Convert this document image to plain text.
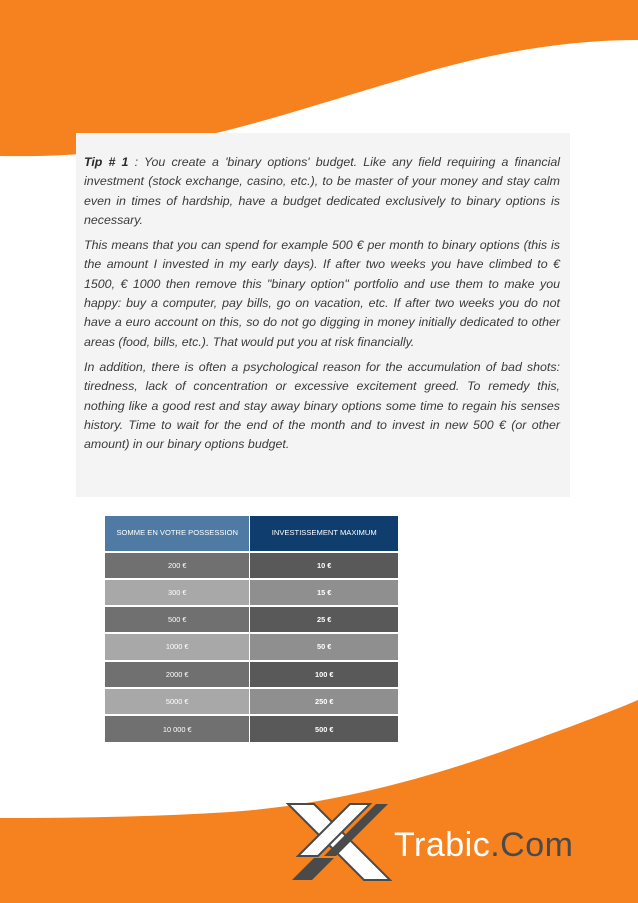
Tip # 1 : You create a 'binary options' budget. Like any field requiring a financial investment (stock exchange, casino, etc.), to be master of your money and stay calm even in times of hardship, have a budget dedicated exclusively to binary options is necessary.

This means that you can spend for example 500 € per month to binary options (this is the amount I invested in my early days). If after two weeks you have climbed to € 1500, € 1000 then remove this "binary option" portfolio and use them to make you happy: buy a computer, pay bills, go on vacation, etc. If after two weeks you do not have a euro account on this, so do not go digging in money initially dedicated to other areas (food, bills, etc.). That would put you at risk financially.

In addition, there is often a psychological reason for the accumulation of bad shots: tiredness, lack of concentration or excessive excitement greed. To remedy this, nothing like a good rest and stay away binary options some time to regain his senses history. Time to wait for the end of the month and to invest in new 500 € (or other amount) in our binary options budget.

SOMME EN VOTRE POSSESSION	INVESTISSEMENT MAXIMUM
200 €	10 €
300 €	15 €
500 €	25 €
1000 €	50 €
2000 €	100 €
5000 €	250 €
10 000 €	500 €
Trabic.Com
